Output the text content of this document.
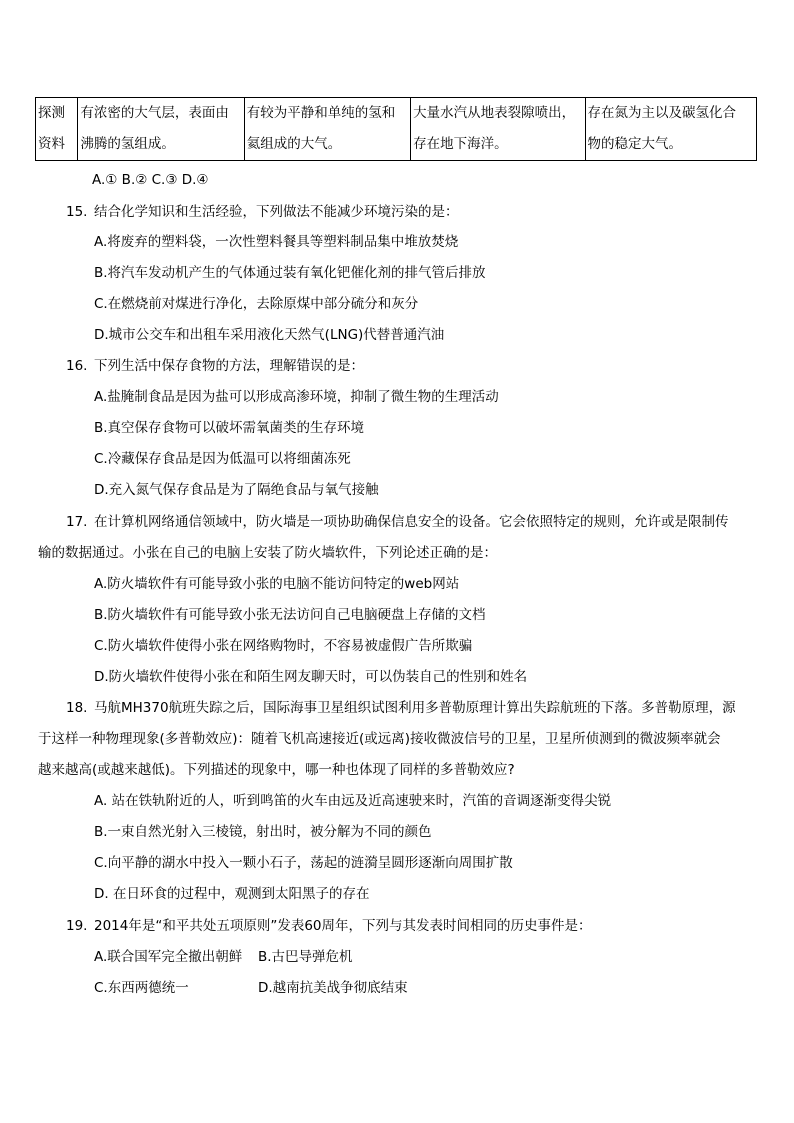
探测
资料

有浓密的大气层，表面由
沸腾的氢组成。

有较为平静和单纯的氢和
氦组成的大气。

大量水汽从地表裂隙喷出，
存在地下海洋。

存在氮为主以及碳氢化合
物的稳定大气。
A.① B.② C.③ D.④
15. 结合化学知识和生活经验，下列做法不能减少环境污染的是：
A.将废弃的塑料袋，一次性塑料餐具等塑料制品集中堆放焚烧
B.将汽车发动机产生的气体通过装有氧化钯催化剂的排气管后排放
C.在燃烧前对煤进行净化，去除原煤中部分硫分和灰分
D.城市公交车和出租车采用液化天然气(LNG)代替普通汽油
16. 下列生活中保存食物的方法，理解错误的是：
A.盐腌制食品是因为盐可以形成高渗环境，抑制了微生物的生理活动
B.真空保存食物可以破坏需氧菌类的生存环境
C.冷藏保存食品是因为低温可以将细菌冻死
D.充入氮气保存食品是为了隔绝食品与氧气接触
17. 在计算机网络通信领域中，防火墙是一项协助确保信息安全的设备。它会依照特定的规则，允许或是限制传
输的数据通过。小张在自己的电脑上安装了防火墙软件，下列论述正确的是：
A.防火墙软件有可能导致小张的电脑不能访问特定的web网站
B.防火墙软件有可能导致小张无法访问自己电脑硬盘上存储的文档
C.防火墙软件使得小张在网络购物时，不容易被虚假广告所欺骗
D.防火墙软件使得小张在和陌生网友聊天时，可以伪装自己的性别和姓名
18. 马航MH370航班失踪之后，国际海事卫星组织试图利用多普勒原理计算出失踪航班的下落。多普勒原理，源
于这样一种物理现象(多普勒效应)：随着飞机高速接近(或远离)接收微波信号的卫星，卫星所侦测到的微波频率就会
越来越高(或越来越低)。下列描述的现象中，哪一种也体现了同样的多普勒效应?
A. 站在铁轨附近的人，听到鸣笛的火车由远及近高速驶来时，汽笛的音调逐渐变得尖锐
B.一束自然光射入三棱镜，射出时，被分解为不同的颜色
C.向平静的湖水中投入一颗小石子，荡起的涟漪呈圆形逐渐向周围扩散
D. 在日环食的过程中，观测到太阳黑子的存在
19. 2014年是“和平共处五项原则”发表60周年，下列与其发表时间相同的历史事件是：
A.联合国军完全撤出朝鲜 B.古巴导弹危机
C.东西两德统一	D.越南抗美战争彻底结束
